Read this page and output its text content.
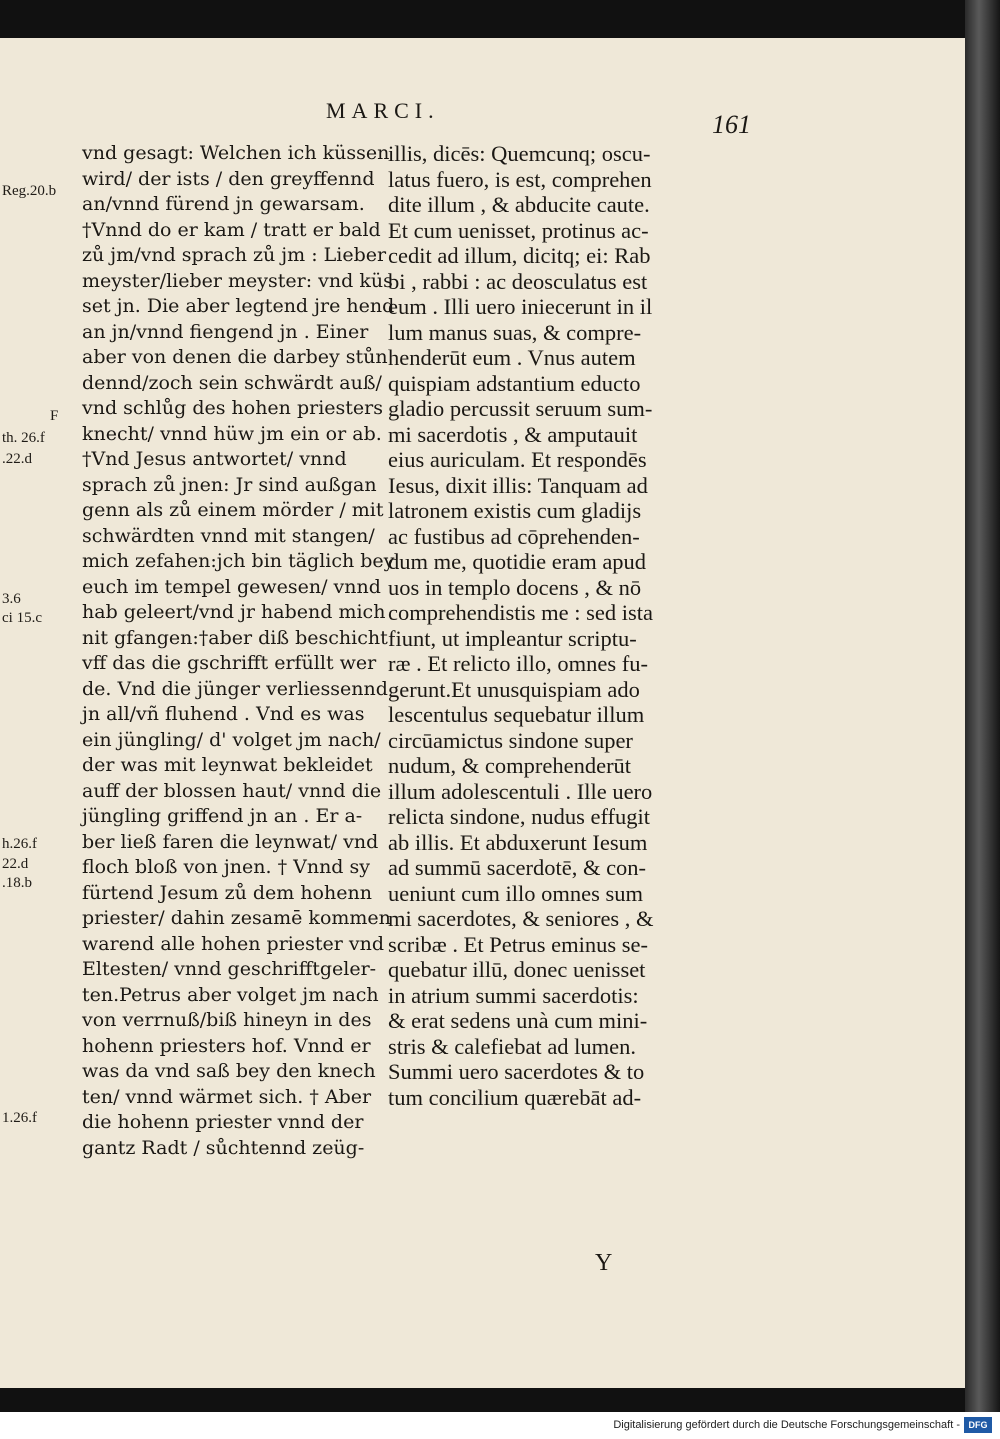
MARCI.	161
Reg.20.b
F
th. 26.f
.22.d
3.6
ci 15.c
h.26.f
22.d
.18.b
1.26.f
vnd gesagt: Welchen ich küssen
wird/ der ists / den greyffennd
an/vnnd fürend jn gewarsam.
†Vnnd do er kam / tratt er bald
zů jm/vnd sprach zů jm : Lieber
meyster/lieber meyster: vnd küs
set jn. Die aber legtend jre hend
an jn/vnnd fiengend jn . Einer
aber von denen die darbey stůn
dennd/zoch sein schwärdt auß/
vnd schlůg des hohen priesters
knecht/ vnnd hüw jm ein or ab.
†Vnd Jesus antwortet/ vnnd
sprach zů jnen: Jr sind außgan
genn als zů einem mörder / mit
schwärdten vnnd mit stangen/
mich zefahen:jch bin täglich bey
euch im tempel gewesen/ vnnd
hab geleert/vnd jr habend mich
nit gfangen:†aber diß beschicht
vff das die gschrifft erfüllt wer
de. Vnd die jünger verliessennd
jn all/vñ fluhend . Vnd es was
ein jüngling/ d' volget jm nach/
der was mit leynwat bekleidet
auff der blossen haut/ vnnd die
jüngling griffend jn an . Er a-
ber ließ faren die leynwat/ vnd
floch bloß von jnen. † Vnnd sy
fürtend Jesum zů dem hohenn
priester/ dahin zesamē kommen
warend alle hohen priester vnd
Eltesten/ vnnd geschrifftgeler-
ten.Petrus aber volget jm nach
von verrnuß/biß hineyn in des
hohenn priesters hof. Vnnd er
was da vnd saß bey den knech
ten/ vnnd wärmet sich. † Aber
die hohenn priester vnnd der
gantz Radt / sůchtennd zeüg-
illis, dicēs: Quemcunq; oscu-
latus fuero, is est, comprehen
dite illum , & abducite caute.
Et cum uenisset, protinus ac-
cedit ad illum, dicitq; ei: Rab
bi , rabbi : ac deosculatus est
eum . Illi uero iniecerunt in il
lum manus suas, & compre-
henderūt eum . Vnus autem
quispiam adstantium educto
gladio percussit seruum sum-
mi sacerdotis , & amputauit
eius auriculam. Et respondēs
Iesus, dixit illis: Tanquam ad
latronem existis cum gladijs
ac fustibus ad cōprehenden-
dum me, quotidie eram apud
uos in templo docens , & nō
comprehendistis me : sed ista
fiunt, ut impleantur scriptu-
ræ . Et relicto illo, omnes fu-
gerunt.Et unusquispiam ado
lescentulus sequebatur illum
circūamictus sindone super
nudum, & comprehenderūt
illum adolescentuli . Ille uero
relicta sindone, nudus effugit
ab illis. Et abduxerunt Iesum
ad summū sacerdotē, & con-
ueniunt cum illo omnes sum
mi sacerdotes, & seniores , &
scribæ . Et Petrus eminus se-
quebatur illū, donec uenisset
in atrium summi sacerdotis:
& erat sedens unà cum mini-
stris & calefiebat ad lumen.
Summi uero sacerdotes & to
tum concilium quærebāt ad-
Y
Digitalisierung gefördert durch die Deutsche Forschungsgemeinschaft - DFG
